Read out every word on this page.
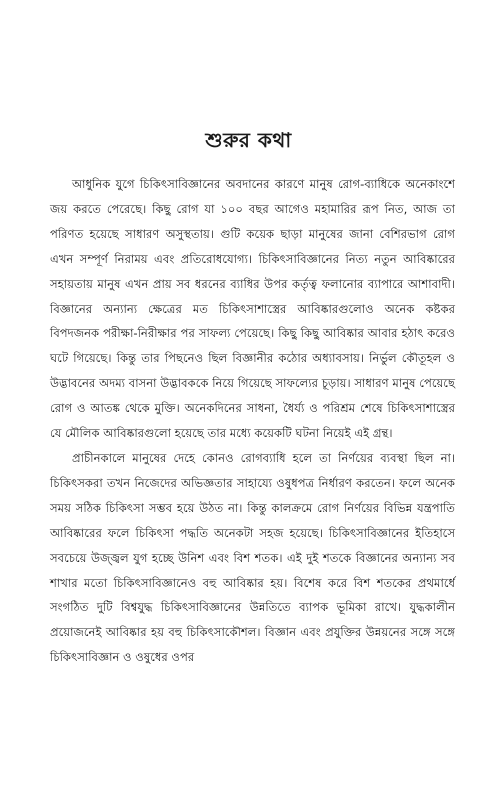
শুরুর কথা

আধুনিক যুগে চিকিৎসাবিজ্ঞানের অবদানের কারণে মানুষ রোগ-ব্যাধিকে অনেকাংশে জয় করতে পেরেছে। কিছু রোগ যা ১০০ বছর আগেও মহামারির রূপ নিত, আজ তা পরিণত হয়েছে সাধারণ অসুস্থতায়। গুটি কয়েক ছাড়া মানুষের জানা বেশিরভাগ রোগ এখন সম্পূর্ণ নিরাময় এবং প্রতিরোধযোগ্য। চিকিৎসাবিজ্ঞানের নিত্য নতুন আবিষ্কারের সহায়তায় মানুষ এখন প্রায় সব ধরনের ব্যাধির উপর কর্তৃত্ব ফলানোর ব্যাপারে আশাবাদী। বিজ্ঞানের অন্যান্য ক্ষেত্রের মত চিকিৎসাশাস্ত্রের আবিষ্কারগুলোও অনেক কষ্টকর বিপদজনক পরীক্ষা-নিরীক্ষার পর সাফল্য পেয়েছে। কিছু কিছু আবিষ্কার আবার হঠাৎ করেও ঘটে গিয়েছে। কিন্তু তার পিছনেও ছিল বিজ্ঞানীর কঠোর অধ্যাবসায়। নির্ভুল কৌতূহল ও উদ্ভাবনের অদম্য বাসনা উদ্ভাবককে নিয়ে গিয়েছে সাফল্যের চূড়ায়। সাধারণ মানুষ পেয়েছে রোগ ও আতঙ্ক থেকে মুক্তি। অনেকদিনের সাধনা, ধৈর্য্য ও পরিশ্রম শেষে চিকিৎসাশাস্ত্রের যে মৌলিক আবিষ্কারগুলো হয়েছে তার মধ্যে কয়েকটি ঘটনা নিয়েই এই গ্রন্থ।

প্রাচীনকালে মানুষের দেহে কোনও রোগব্যাধি হলে তা নির্ণয়ের ব্যবস্থা ছিল না। চিকিৎসকরা তখন নিজেদের অভিজ্ঞতার সাহায্যে ওষুধপত্র নির্ধারণ করতেন। ফলে অনেক সময় সঠিক চিকিৎসা সম্ভব হয়ে উঠত না। কিন্তু কালক্রমে রোগ নির্ণয়ের বিভিন্ন যন্ত্রপাতি আবিষ্কারের ফলে চিকিৎসা পদ্ধতি অনেকটা সহজ হয়েছে। চিকিৎসাবিজ্ঞানের ইতিহাসে সবচেয়ে উজ্জ্বল যুগ হচ্ছে উনিশ এবং বিশ শতক। এই দুই শতকে বিজ্ঞানের অন্যান্য সব শাখার মতো চিকিৎসাবিজ্ঞানেও বহু আবিষ্কার হয়। বিশেষ করে বিশ শতকের প্রথমার্ধে সংগঠিত দুটি বিশ্বযুদ্ধ চিকিৎসাবিজ্ঞানের উন্নতিতে ব্যাপক ভূমিকা রাখে। যুদ্ধকালীন প্রয়োজনেই আবিষ্কার হয় বহু চিকিৎসাকৌশল। বিজ্ঞান এবং প্রযুক্তির উন্নয়নের সঙ্গে সঙ্গে চিকিৎসাবিজ্ঞান ও ওষুধের ওপর
